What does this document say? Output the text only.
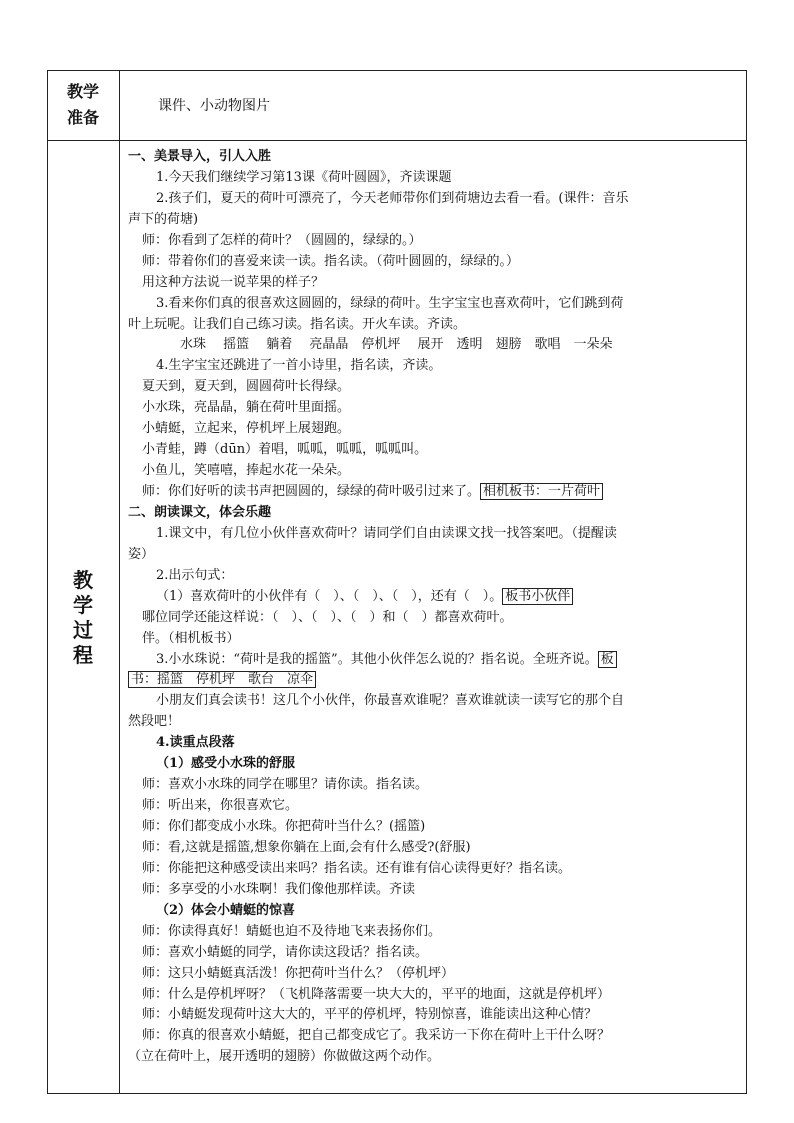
教学
准备
课件、小动物图片
教学过程
一、美景导入，引人入胜
1.今天我们继续学习第13课《荷叶圆圆》，齐读课题
2.孩子们，夏天的荷叶可漂亮了，今天老师带你们到荷塘边去看一看。(课件：音乐
声下的荷塘)
师：你看到了怎样的荷叶？（圆圆的，绿绿的。）
师：带着你们的喜爱来读一读。指名读。（荷叶圆圆的，绿绿的。）
用这种方法说一说苹果的样子？
3.看来你们真的很喜欢这圆圆的，绿绿的荷叶。生字宝宝也喜欢荷叶，它们跳到荷
叶上玩呢。让我们自己练习读。指名读。开火车读。齐读。
水珠　 摇篮　 躺着　 亮晶晶　停机坪　 展开　透明　翅膀　歌唱　一朵朵
4.生字宝宝还跳进了一首小诗里，指名读，齐读。
夏天到，夏天到，圆圆荷叶长得绿。
小水珠，亮晶晶，躺在荷叶里面摇。
小蜻蜓，立起来，停机坪上展翅跑。
小青蛙，蹲（dūn）着唱，呱呱，呱呱，呱呱叫。
小鱼儿，笑嘻嘻，捧起水花一朵朵。
师：你们好听的读书声把圆圆的，绿绿的荷叶吸引过来了。 相机板书：一片荷叶
二、朗读课文，体会乐趣
1.课文中，有几位小伙伴喜欢荷叶？请同学们自由读课文找一找答案吧。（提醒读
姿）
2.出示句式：
（1）喜欢荷叶的小伙伴有（　）、（　）、（　），还有（　）。 板书小伙伴
哪位同学还能这样说：（　）、（　）、（　）和（　）都喜欢荷叶。
伴。（相机板书）
3.小水珠说：“荷叶是我的摇篮”。其他小伙伴怎么说的？指名说。全班齐说。 板
书：摇篮　停机坪　歌台　凉伞
小朋友们真会读书！这几个小伙伴，你最喜欢谁呢？喜欢谁就读一读写它的那个自
然段吧！
4.读重点段落
（1）感受小水珠的舒服
师：喜欢小水珠的同学在哪里？请你读。指名读。
师：听出来，你很喜欢它。
师：你们都变成小水珠。你把荷叶当什么？(摇篮)
师：看,这就是摇篮,想象你躺在上面,会有什么感受?(舒服)
师：你能把这种感受读出来吗？指名读。还有谁有信心读得更好？指名读。
师：多享受的小水珠啊！我们像他那样读。齐读
（2）体会小蜻蜓的惊喜
师：你读得真好！蜻蜓也迫不及待地飞来表扬你们。
师：喜欢小蜻蜓的同学，请你读这段话？指名读。
师：这只小蜻蜓真活泼！你把荷叶当什么？（停机坪）
师：什么是停机坪呀？（飞机降落需要一块大大的，平平的地面，这就是停机坪）
师：小蜻蜓发现荷叶这大大的，平平的停机坪，特别惊喜，谁能读出这种心情？
师：你真的很喜欢小蜻蜓，把自己都变成它了。我采访一下你在荷叶上干什么呀？
（立在荷叶上，展开透明的翅膀）你做做这两个动作。
